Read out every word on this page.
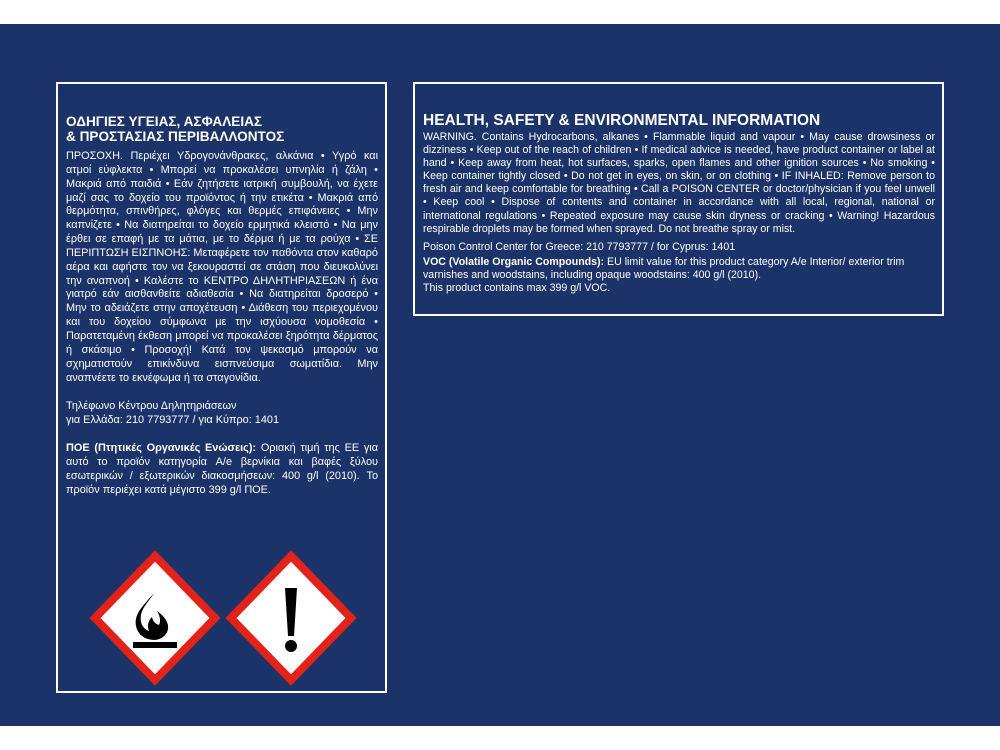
ΟΔΗΓΙΕΣ ΥΓΕΙΑΣ, ΑΣΦΑΛΕΙΑΣ
& ΠΡΟΣΤΑΣΙΑΣ ΠΕΡΙΒΑΛΛΟΝΤΟΣ

ΠΡΟΣΟΧΗ. Περιέχει Υδρογονάνθρακες, αλκάνια • Υγρό και ατμοί εύφλεκτα • Μπορεί να προκαλέσει υπνηλία ή ζάλη • Μακριά από παιδιά • Εάν ζητήσετε ιατρική συμβουλή, να έχετε μαζί σας το δοχείο του προϊόντος ή την ετικέτα • Μακριά από θερμότητα, σπινθήρες, φλόγες και θερμές επιφάνειες • Μην καπνίζετε • Να διατηρείται το δοχείο ερμητικά κλειστό • Να μην έρθει σε επαφή με τα μάτια, με το δέρμα ή με τα ρούχα • ΣΕ ΠΕΡΙΠΤΩΣΗ ΕΙΣΠΝΟΗΣ: Μεταφέρετε τον παθόντα στον καθαρό αέρα και αφήστε τον να ξεκουραστεί σε στάση που διευκολύνει την αναπνοή • Καλέστε το ΚΕΝΤΡΟ ΔΗΛΗΤΗΡΙΑΣΕΩΝ ή ένα γιατρό εάν αισθανθείτε αδιαθεσία • Να διατηρείται δροσερό • Μην το αδειάζετε στην αποχέτευση • Διάθεση του περιεχομένου και του δοχείου σύμφωνα με την ισχύουσα νομοθεσία • Παρατεταμένη έκθεση μπορεί να προκαλέσει ξηρότητα δέρματος ή σκάσιμο • Προσοχή! Κατά τον ψεκασμό μπορούν να σχηματιστούν επικίνδυνα εισπνεύσιμα σωματίδια. Μην αναπνέετε το εκνέφωμα ή τα σταγονίδια.

Τηλέφωνο Κέντρου Δηλητηριάσεων
για Ελλάδα: 210 7793777 / για Κύπρο: 1401

ΠΟΕ (Πτητικές Οργανικές Ενώσεις): Οριακή τιμή της ΕΕ για αυτό το προϊόν κατηγορία A/e βερνίκια και βαφές ξύλου εσωτερικών / εξωτερικών διακοσμήσεων: 400 g/l (2010). Το προϊόν περιέχει κατά μέγιστο 399 g/l ΠΟΕ.

HEALTH, SAFETY & ENVIRONMENTAL INFORMATION

WARNING. Contains Hydrocarbons, alkanes • Flammable liquid and vapour • May cause drowsiness or dizziness • Keep out of the reach of children • If medical advice is needed, have product container or label at hand • Keep away from heat, hot surfaces, sparks, open flames and other ignition sources • No smoking • Keep container tightly closed • Do not get in eyes, on skin, or on clothing • IF INHALED: Remove person to fresh air and keep comfortable for breathing • Call a POISON CENTER or doctor/physician if you feel unwell • Keep cool • Dispose of contents and container in accordance with all local, regional, national or international regulations • Repeated exposure may cause skin dryness or cracking • Warning! Hazardous respirable droplets may be formed when sprayed. Do not breathe spray or mist.

Poison Control Center for Greece: 210 7793777 / for Cyprus: 1401

VOC (Volatile Organic Compounds): EU limit value for this product category A/e Interior/ exterior trim varnishes and woodstains, including opaque woodstains: 400 g/l (2010).

This product contains max 399 g/l VOC.
